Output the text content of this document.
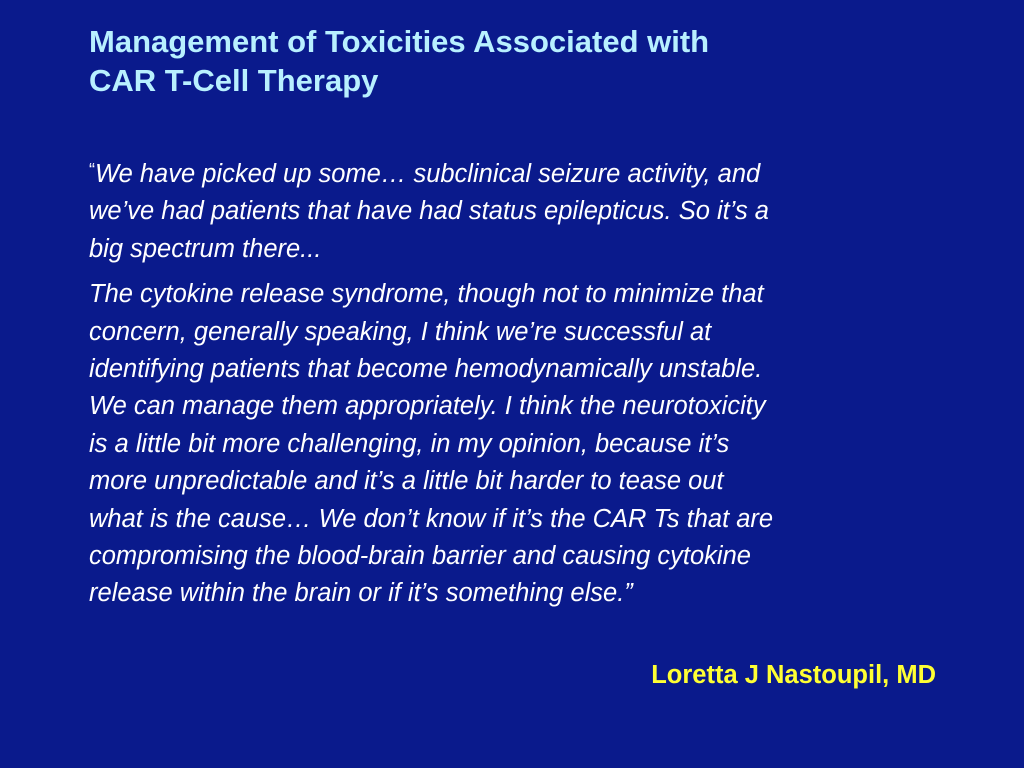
Management of Toxicities Associated with
CAR T-Cell Therapy

“We have picked up some… subclinical seizure activity, and
we’ve had patients that have had status epilepticus. So it’s a
big spectrum there...

The cytokine release syndrome, though not to minimize that
concern, generally speaking, I think we’re successful at
identifying patients that become hemodynamically unstable.
We can manage them appropriately. I think the neurotoxicity
is a little bit more challenging, in my opinion, because it’s
more unpredictable and it’s a little bit harder to tease out
what is the cause… We don’t know if it’s the CAR Ts that are
compromising the blood-brain barrier and causing cytokine
release within the brain or if it’s something else.”

Loretta J Nastoupil, MD
